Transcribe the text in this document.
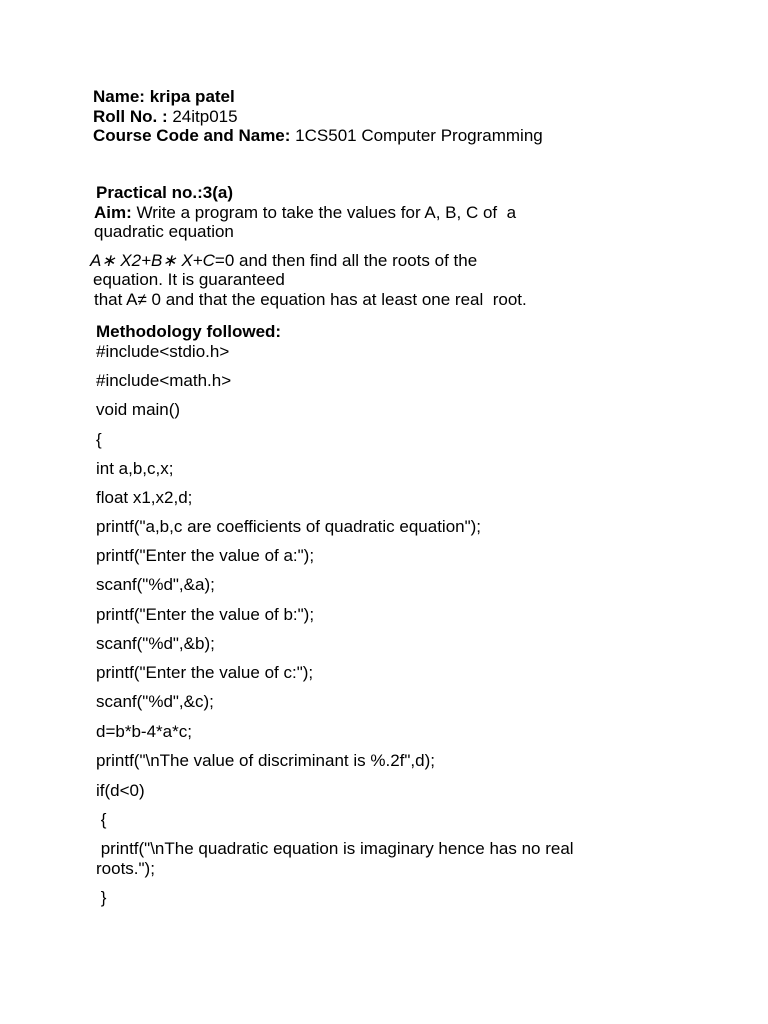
Name: kripa patel
Roll No. : 24itp015
Course Code and Name: 1CS501 Computer Programming
Practical no.:3(a)
Aim: Write a program to take the values for A, B, C of  a
quadratic equation
A∗ X2+B∗ X+C=0 and then find all the roots of the
equation. It is guaranteed
that A≠ 0 and that the equation has at least one real  root.
Methodology followed:
#include<stdio.h>
#include<math.h>
void main()
{
int a,b,c,x;
float x1,x2,d;
printf("a,b,c are coefficients of quadratic equation");
printf("Enter the value of a:");
scanf("%d",&a);
printf("Enter the value of b:");
scanf("%d",&b);
printf("Enter the value of c:");
scanf("%d",&c);
d=b*b-4*a*c;
printf("\nThe value of discriminant is %.2f",d);
if(d<0)
{
printf("\nThe quadratic equation is imaginary hence has no real
roots.");
}
